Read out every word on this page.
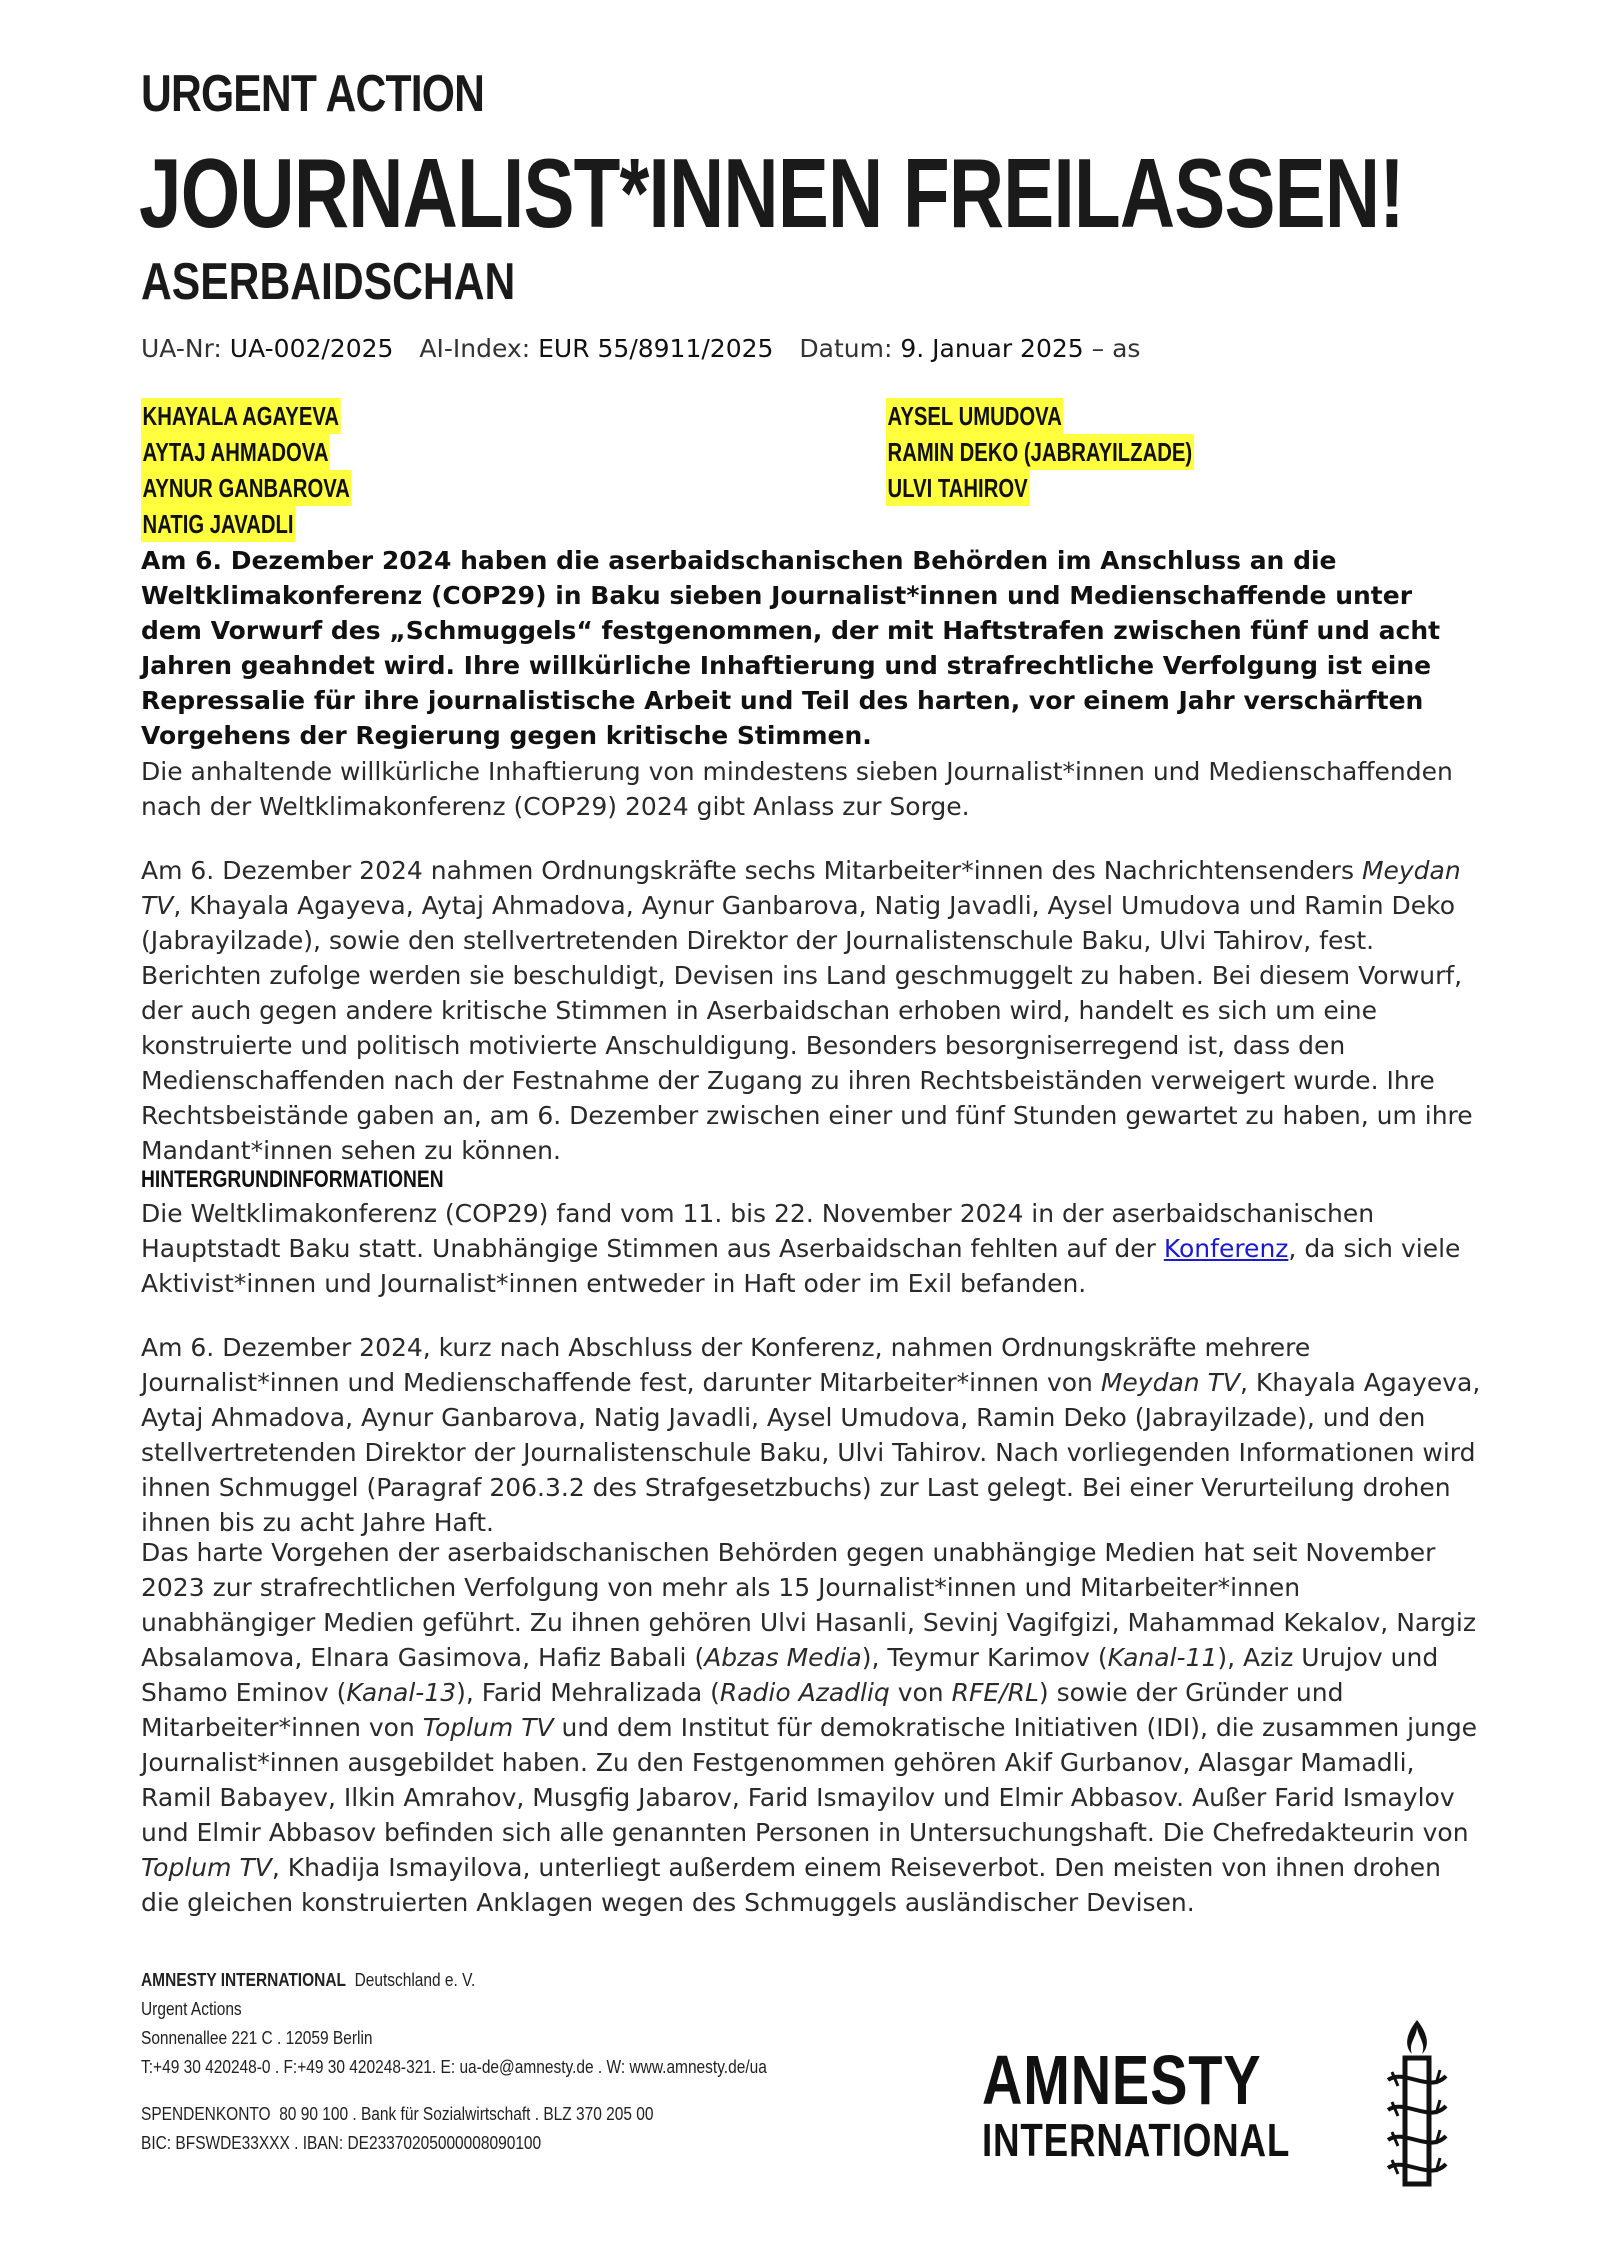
URGENT ACTION
JOURNALIST*INNEN FREILASSEN!
ASERBAIDSCHAN
UA-Nr: UA-002/2025 AI-Index: EUR 55/8911/2025 Datum: 9. Januar 2025 – as
KHAYALA AGAYEVA
AYTAJ AHMADOVA
AYNUR GANBAROVA
NATIG JAVADLI
AYSEL UMUDOVA
RAMIN DEKO (JABRAYILZADE)
ULVI TAHIROV

Am 6. Dezember 2024 haben die aserbaidschanischen Behörden im Anschluss an die Weltklimakonferenz (COP29) in Baku sieben Journalist*innen und Medienschaffende unter dem Vorwurf des „Schmuggels“ festgenommen, der mit Haftstrafen zwischen fünf und acht Jahren geahndet wird. Ihre willkürliche Inhaftierung und strafrechtliche Verfolgung ist eine Repressalie für ihre journalistische Arbeit und Teil des harten, vor einem Jahr verschärften Vorgehens der Regierung gegen kritische Stimmen.

Die anhaltende willkürliche Inhaftierung von mindestens sieben Journalist*innen und Medienschaffenden nach der Weltklimakonferenz (COP29) 2024 gibt Anlass zur Sorge.

Am 6. Dezember 2024 nahmen Ordnungskräfte sechs Mitarbeiter*innen des Nachrichtensenders Meydan TV, Khayala Agayeva, Aytaj Ahmadova, Aynur Ganbarova, Natig Javadli, Aysel Umudova und Ramin Deko (Jabrayilzade), sowie den stellvertretenden Direktor der Journalistenschule Baku, Ulvi Tahirov, fest. Berichten zufolge werden sie beschuldigt, Devisen ins Land geschmuggelt zu haben. Bei diesem Vorwurf, der auch gegen andere kritische Stimmen in Aserbaidschan erhoben wird, handelt es sich um eine konstruierte und politisch motivierte Anschuldigung. Besonders besorgniserregend ist, dass den Medienschaffenden nach der Festnahme der Zugang zu ihren Rechtsbeiständen verweigert wurde. Ihre Rechtsbeistände gaben an, am 6. Dezember zwischen einer und fünf Stunden gewartet zu haben, um ihre Mandant*innen sehen zu können.

HINTERGRUNDINFORMATIONEN

Die Weltklimakonferenz (COP29) fand vom 11. bis 22. November 2024 in der aserbaidschanischen Hauptstadt Baku statt. Unabhängige Stimmen aus Aserbaidschan fehlten auf der Konferenz, da sich viele Aktivist*innen und Journalist*innen entweder in Haft oder im Exil befanden.

Am 6. Dezember 2024, kurz nach Abschluss der Konferenz, nahmen Ordnungskräfte mehrere Journalist*innen und Medienschaffende fest, darunter Mitarbeiter*innen von Meydan TV, Khayala Agayeva, Aytaj Ahmadova, Aynur Ganbarova, Natig Javadli, Aysel Umudova, Ramin Deko (Jabrayilzade), und den stellvertretenden Direktor der Journalistenschule Baku, Ulvi Tahirov. Nach vorliegenden Informationen wird ihnen Schmuggel (Paragraf 206.3.2 des Strafgesetzbuchs) zur Last gelegt. Bei einer Verurteilung drohen ihnen bis zu acht Jahre Haft.

Das harte Vorgehen der aserbaidschanischen Behörden gegen unabhängige Medien hat seit November 2023 zur strafrechtlichen Verfolgung von mehr als 15 Journalist*innen und Mitarbeiter*innen unabhängiger Medien geführt. Zu ihnen gehören Ulvi Hasanli, Sevinj Vagifgizi, Mahammad Kekalov, Nargiz Absalamova, Elnara Gasimova, Hafiz Babali (Abzas Media), Teymur Karimov (Kanal-11), Aziz Urujov und Shamo Eminov (Kanal-13), Farid Mehralizada (Radio Azadliq von RFE/RL) sowie der Gründer und Mitarbeiter*innen von Toplum TV und dem Institut für demokratische Initiativen (IDI), die zusammen junge Journalist*innen ausgebildet haben. Zu den Festgenommen gehören Akif Gurbanov, Alasgar Mamadli, Ramil Babayev, Ilkin Amrahov, Musgfig Jabarov, Farid Ismayilov und Elmir Abbasov. Außer Farid Ismaylov und Elmir Abbasov befinden sich alle genannten Personen in Untersuchungshaft. Die Chefredakteurin von Toplum TV, Khadija Ismayilova, unterliegt außerdem einem Reiseverbot. Den meisten von ihnen drohen die gleichen konstruierten Anklagen wegen des Schmuggels ausländischer Devisen.

AMNESTY INTERNATIONAL  Deutschland e. V.
Urgent Actions
Sonnenallee 221 C . 12059 Berlin
T:+49 30 420248-0 . F:+49 30 420248-321. E: ua-de@amnesty.de . W: www.amnesty.de/ua
SPENDENKONTO  80 90 100 . Bank für Sozialwirtschaft . BLZ 370 205 00
BIC: BFSWDE33XXX . IBAN: DE23370205000008090100
AMNESTY
INTERNATIONAL
